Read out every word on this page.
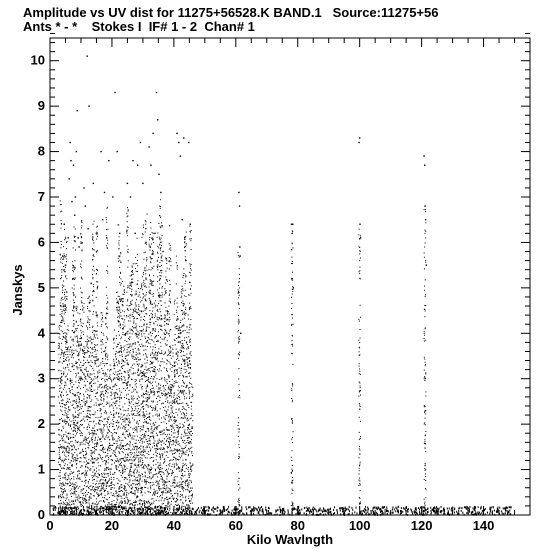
Amplitude vs UV dist for 11275+56528.K BAND.1   Source:11275+56
Ants * - *    Stokes I  IF# 1 - 2  Chan# 1
0	20	40	60	80	100	120	140
0
1
2
3
4
5
6
7
8
9
10
Kilo Wavlngth
Janskys
